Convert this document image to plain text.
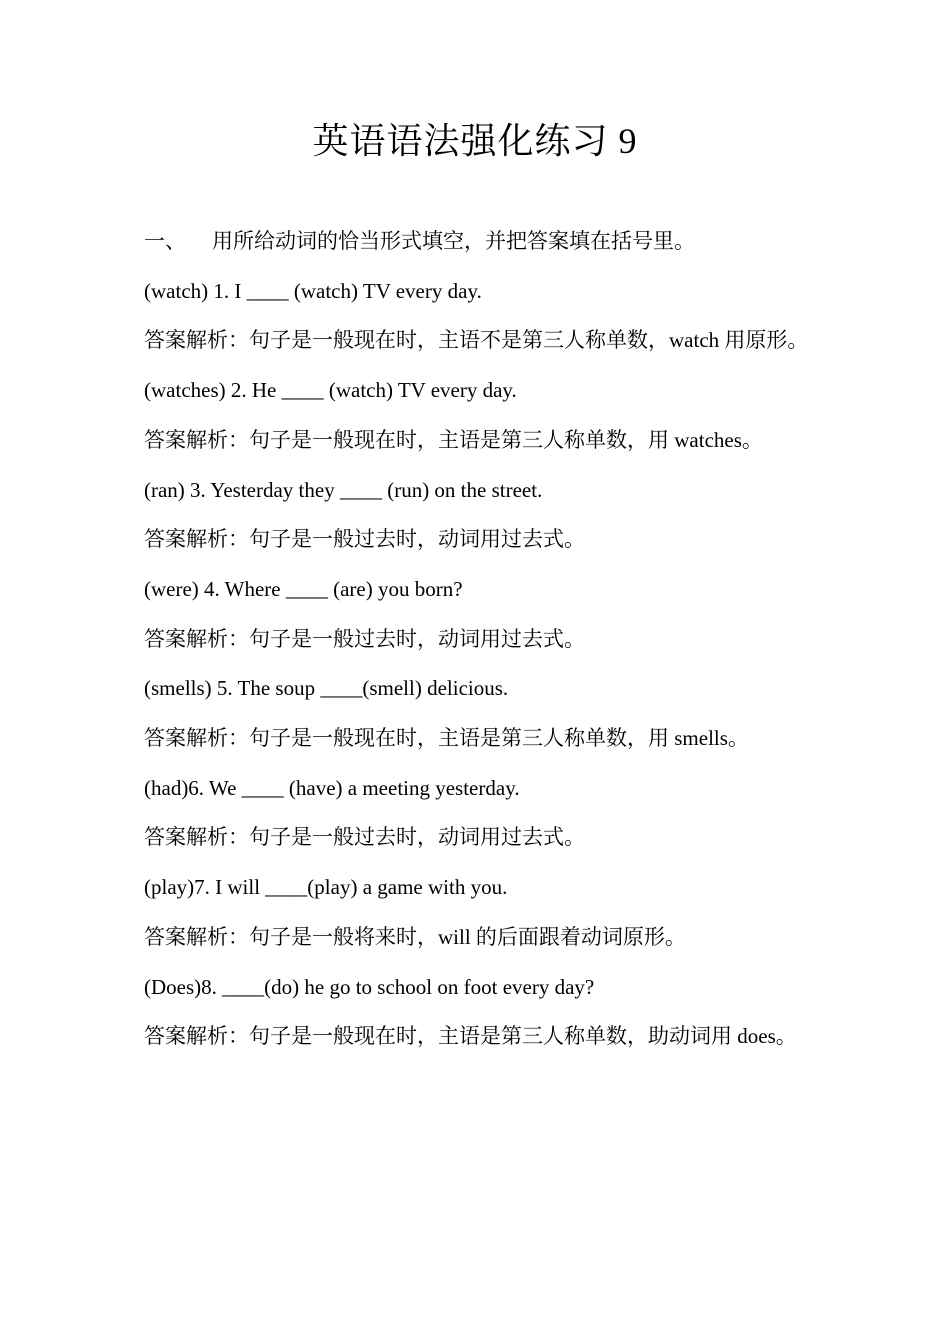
英语语法强化练习 9
一、 用所给动词的恰当形式填空，并把答案填在括号里。
(watch) 1. I ____ (watch) TV every day.
答案解析：句子是一般现在时，主语不是第三人称单数，watch 用原形。
(watches) 2. He ____ (watch) TV every day.
答案解析：句子是一般现在时，主语是第三人称单数，用 watches。
(ran) 3. Yesterday they ____ (run) on the street.
答案解析：句子是一般过去时，动词用过去式。
(were) 4. Where ____ (are) you born?
答案解析：句子是一般过去时，动词用过去式。
(smells) 5. The soup ____(smell) delicious.
答案解析：句子是一般现在时，主语是第三人称单数，用 smells。
(had)6. We ____ (have) a meeting yesterday.
答案解析：句子是一般过去时，动词用过去式。
(play)7. I will ____(play) a game with you.
答案解析：句子是一般将来时，will 的后面跟着动词原形。
(Does)8. ____(do) he go to school on foot every day?
答案解析：句子是一般现在时，主语是第三人称单数，助动词用 does。
